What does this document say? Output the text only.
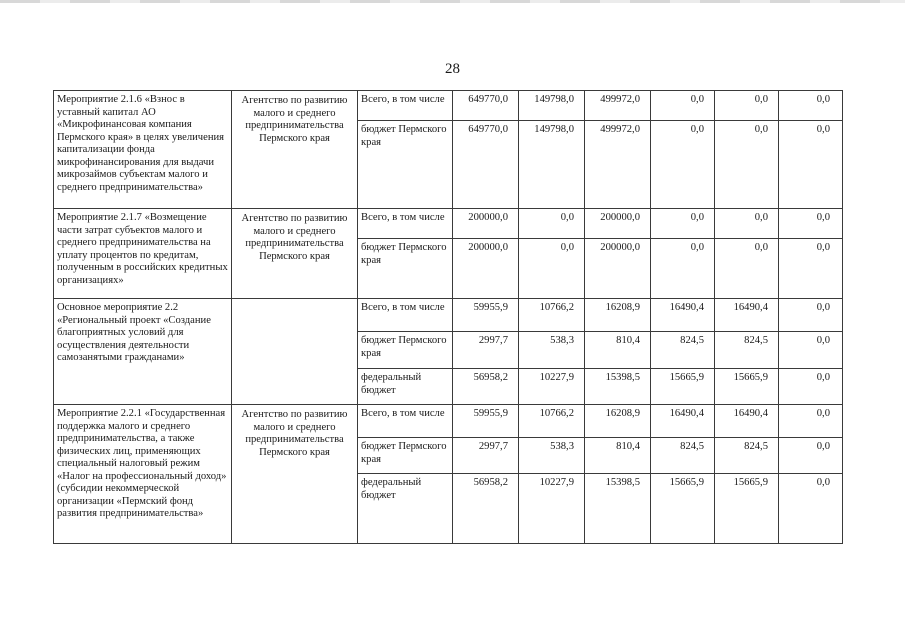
28
Мероприятие 2.1.6 «Взнос в уставный капитал АО «Микрофинансовая компания Пермского края» в целях увеличения капитализации фонда микрофинансирования для выдачи микрозаймов субъектам малого и среднего предпринимательства»	Агентство по развитию малого и среднего предпринимательства Пермского края	Всего, в том числе	649770,0	149798,0	499972,0	0,0	0,0	0,0
		бюджет Пермского края	649770,0	149798,0	499972,0	0,0	0,0	0,0
Мероприятие 2.1.7 «Возмещение части затрат субъектов малого и среднего предпринимательства на уплату процентов по кредитам, полученным в российских кредитных организациях»	Агентство по развитию малого и среднего предпринимательства Пермского края	Всего, в том числе	200000,0	0,0	200000,0	0,0	0,0	0,0
		бюджет Пермского края	200000,0	0,0	200000,0	0,0	0,0	0,0
Основное мероприятие 2.2 «Региональный проект «Создание благоприятных условий для осуществления деятельности самозанятыми гражданами»		Всего, в том числе	59955,9	10766,2	16208,9	16490,4	16490,4	0,0
		бюджет Пермского края	2997,7	538,3	810,4	824,5	824,5	0,0
		федеральный бюджет	56958,2	10227,9	15398,5	15665,9	15665,9	0,0
Мероприятие 2.2.1 «Государственная поддержка малого и среднего предпринимательства, а также физических лиц, применяющих специальный налоговый режим «Налог на профессиональный доход» (субсидии некоммерческой организации «Пермский фонд развития предпринимательства»	Агентство по развитию малого и среднего предпринимательства Пермского края	Всего, в том числе	59955,9	10766,2	16208,9	16490,4	16490,4	0,0
		бюджет Пермского края	2997,7	538,3	810,4	824,5	824,5	0,0
		федеральный бюджет	56958,2	10227,9	15398,5	15665,9	15665,9	0,0
